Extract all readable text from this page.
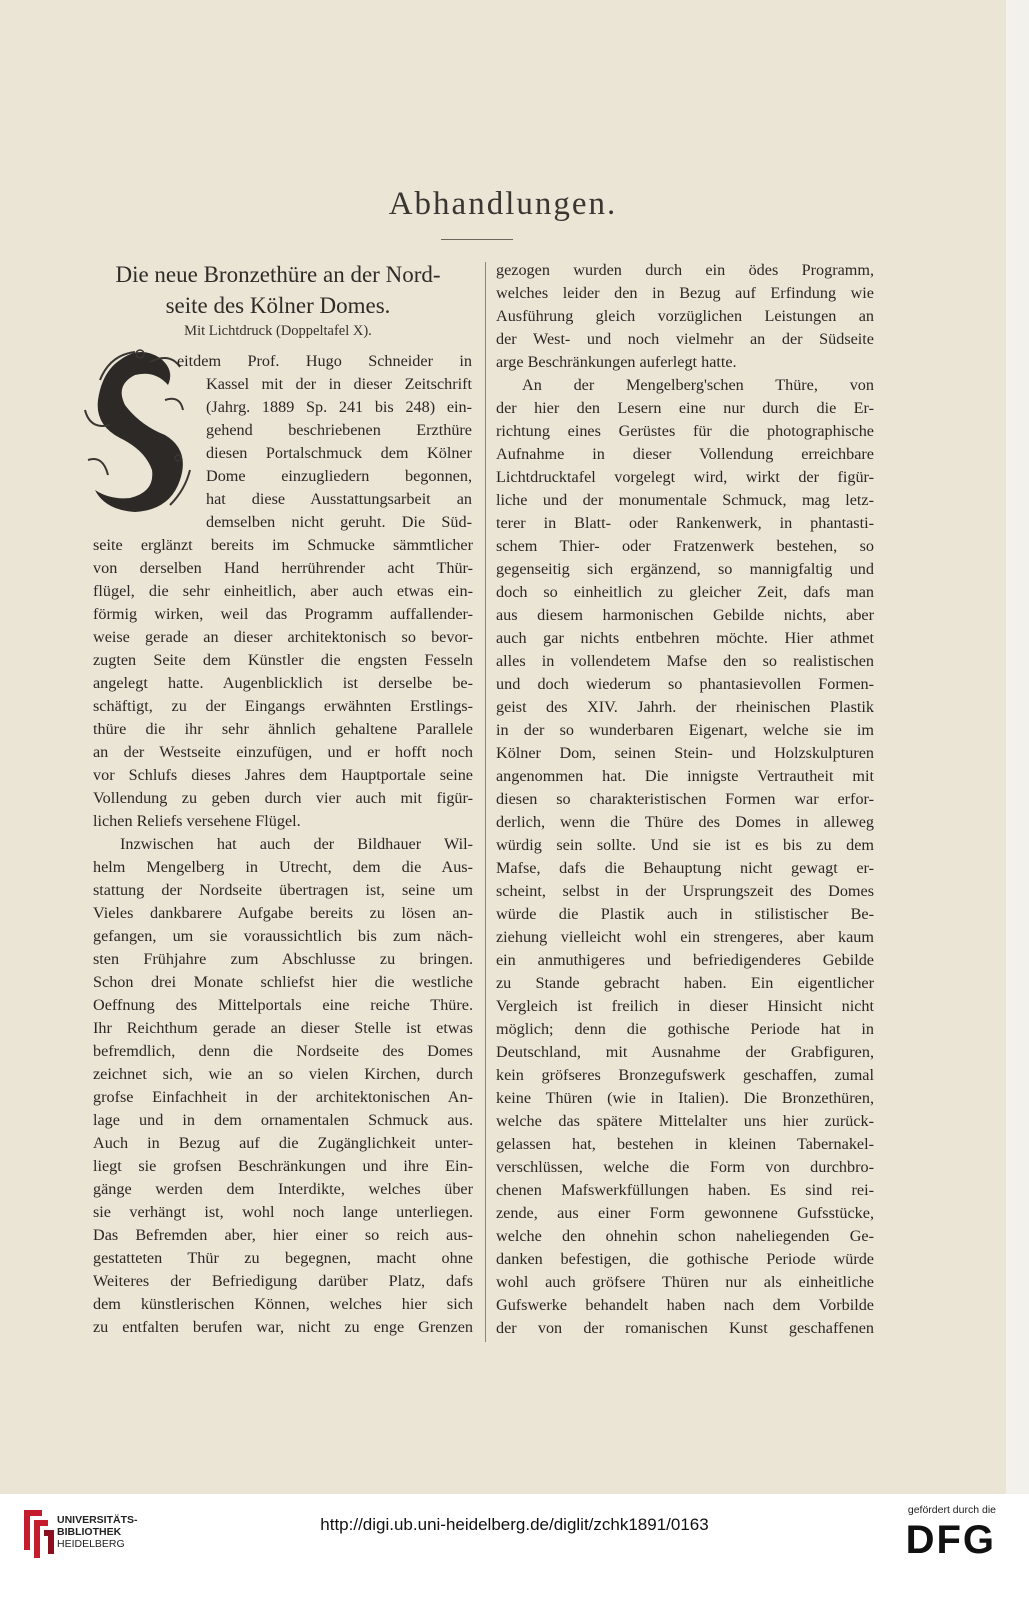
Abhandlungen.
Die neue Bronzethüre an der Nord-
seite des Kölner Domes.
Mit Lichtdruck (Doppeltafel X).
S
eitdem Prof. Hugo Schneider in
Kassel mit der in dieser Zeitschrift
(Jahrg. 1889 Sp. 241 bis 248) ein-
gehend beschriebenen Erzthüre
diesen Portalschmuck dem Kölner
Dome einzugliedern begonnen,
hat diese Ausstattungsarbeit an
demselben nicht geruht. Die Süd-
seite erglänzt bereits im Schmucke sämmtlicher
von derselben Hand herrührender acht Thür-
flügel, die sehr einheitlich, aber auch etwas ein-
förmig wirken, weil das Programm auffallender-
weise gerade an dieser architektonisch so bevor-
zugten Seite dem Künstler die engsten Fesseln
angelegt hatte. Augenblicklich ist derselbe be-
schäftigt, zu der Eingangs erwähnten Erstlings-
thüre die ihr sehr ähnlich gehaltene Parallele
an der Westseite einzufügen, und er hofft noch
vor Schlufs dieses Jahres dem Hauptportale seine
Vollendung zu geben durch vier auch mit figür-
lichen Reliefs versehene Flügel.
Inzwischen hat auch der Bildhauer Wil-
helm Mengelberg in Utrecht, dem die Aus-
stattung der Nordseite übertragen ist, seine um
Vieles dankbarere Aufgabe bereits zu lösen an-
gefangen, um sie voraussichtlich bis zum näch-
sten Frühjahre zum Abschlusse zu bringen.
Schon drei Monate schliefst hier die westliche
Oeffnung des Mittelportals eine reiche Thüre.
Ihr Reichthum gerade an dieser Stelle ist etwas
befremdlich, denn die Nordseite des Domes
zeichnet sich, wie an so vielen Kirchen, durch
grofse Einfachheit in der architektonischen An-
lage und in dem ornamentalen Schmuck aus.
Auch in Bezug auf die Zugänglichkeit unter-
liegt sie grofsen Beschränkungen und ihre Ein-
gänge werden dem Interdikte, welches über
sie verhängt ist, wohl noch lange unterliegen.
Das Befremden aber, hier einer so reich aus-
gestatteten Thür zu begegnen, macht ohne
Weiteres der Befriedigung darüber Platz, dafs
dem künstlerischen Können, welches hier sich
zu entfalten berufen war, nicht zu enge Grenzen
gezogen wurden durch ein ödes Programm,
welches leider den in Bezug auf Erfindung wie
Ausführung gleich vorzüglichen Leistungen an
der West- und noch vielmehr an der Südseite
arge Beschränkungen auferlegt hatte.
An der Mengelberg'schen Thüre, von
der hier den Lesern eine nur durch die Er-
richtung eines Gerüstes für die photographische
Aufnahme in dieser Vollendung erreichbare
Lichtdrucktafel vorgelegt wird, wirkt der figür-
liche und der monumentale Schmuck, mag letz-
terer in Blatt- oder Rankenwerk, in phantasti-
schem Thier- oder Fratzenwerk bestehen, so
gegenseitig sich ergänzend, so mannigfaltig und
doch so einheitlich zu gleicher Zeit, dafs man
aus diesem harmonischen Gebilde nichts, aber
auch gar nichts entbehren möchte. Hier athmet
alles in vollendetem Mafse den so realistischen
und doch wiederum so phantasievollen Formen-
geist des XIV. Jahrh. der rheinischen Plastik
in der so wunderbaren Eigenart, welche sie im
Kölner Dom, seinen Stein- und Holzskulpturen
angenommen hat. Die innigste Vertrautheit mit
diesen so charakteristischen Formen war erfor-
derlich, wenn die Thüre des Domes in alleweg
würdig sein sollte. Und sie ist es bis zu dem
Mafse, dafs die Behauptung nicht gewagt er-
scheint, selbst in der Ursprungszeit des Domes
würde die Plastik auch in stilistischer Be-
ziehung vielleicht wohl ein strengeres, aber kaum
ein anmuthigeres und befriedigenderes Gebilde
zu Stande gebracht haben. Ein eigentlicher
Vergleich ist freilich in dieser Hinsicht nicht
möglich; denn die gothische Periode hat in
Deutschland, mit Ausnahme der Grabfiguren,
kein gröfseres Bronzegufswerk geschaffen, zumal
keine Thüren (wie in Italien). Die Bronzethüren,
welche das spätere Mittelalter uns hier zurück-
gelassen hat, bestehen in kleinen Tabernakel-
verschlüssen, welche die Form von durchbro-
chenen Mafswerkfüllungen haben. Es sind rei-
zende, aus einer Form gewonnene Gufsstücke,
welche den ohnehin schon naheliegenden Ge-
danken befestigen, die gothische Periode würde
wohl auch gröfsere Thüren nur als einheitliche
Gufswerke behandelt haben nach dem Vorbilde
der von der romanischen Kunst geschaffenen
UNIVERSITÄTS-
BIBLIOTHEK
HEIDELBERG
http://digi.ub.uni-heidelberg.de/diglit/zchk1891/0163
gefördert durch die
DFG
